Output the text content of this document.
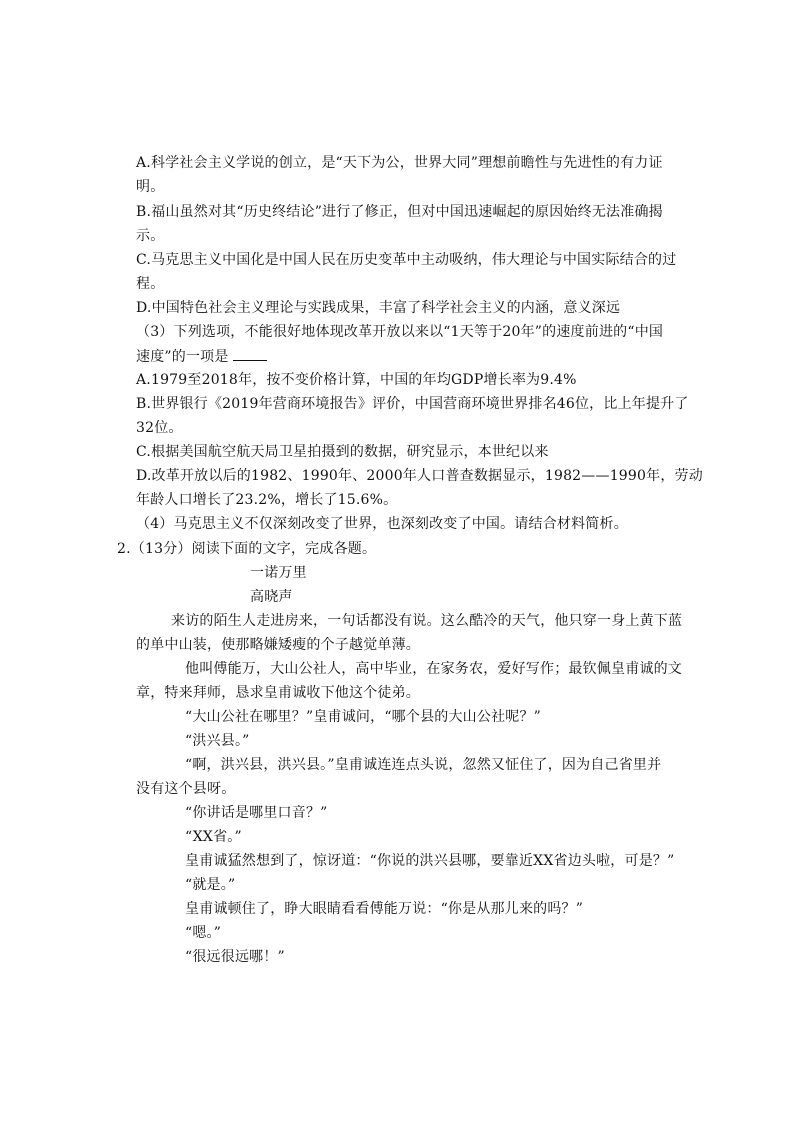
A.科学社会主义学说的创立，是“天下为公，世界大同”理想前瞻性与先进性的有力证
明。
B.福山虽然对其“历史终结论”进行了修正，但对中国迅速崛起的原因始终无法准确揭
示。
C.马克思主义中国化是中国人民在历史变革中主动吸纳，伟大理论与中国实际结合的过
程。
D.中国特色社会主义理论与实践成果，丰富了科学社会主义的内涵，意义深远
（3）下列选项，不能很好地体现改革开放以来以“1天等于20年”的速度前进的“中国
速度”的一项是
A.1979至2018年，按不变价格计算，中国的年均GDP增长率为9.4%
B.世界银行《2019年营商环境报告》评价，中国营商环境世界排名46位，比上年提升了
32位。
C.根据美国航空航天局卫星拍摄到的数据，研究显示，本世纪以来
D.改革开放以后的1982、1990年、2000年人口普查数据显示，1982——1990年，劳动
年龄人口增长了23.2%，增长了15.6%。
（4）马克思主义不仅深刻改变了世界，也深刻改变了中国。请结合材料简析。
2.（13分）阅读下面的文字，完成各题。
一诺万里
高晓声
来访的陌生人走进房来，一句话都没有说。这么酷冷的天气，他只穿一身上黄下蓝
的单中山装，使那略嫌矮瘦的个子越觉单薄。
他叫傅能万，大山公社人，高中毕业，在家务农，爱好写作；最钦佩皇甫诚的文
章，特来拜师，恳求皇甫诚收下他这个徒弟。
“大山公社在哪里？”皇甫诚问，“哪个县的大山公社呢？”
“洪兴县。”
“啊，洪兴县，洪兴县。”皇甫诚连连点头说，忽然又怔住了，因为自己省里并
没有这个县呀。
“你讲话是哪里口音？”
“XX省。”
皇甫诚猛然想到了，惊讶道：“你说的洪兴县哪，要靠近XX省边头啦，可是？”
“就是。”
皇甫诚顿住了，睁大眼睛看看傅能万说：“你是从那儿来的吗？”
“嗯。”
“很远很远哪！”
